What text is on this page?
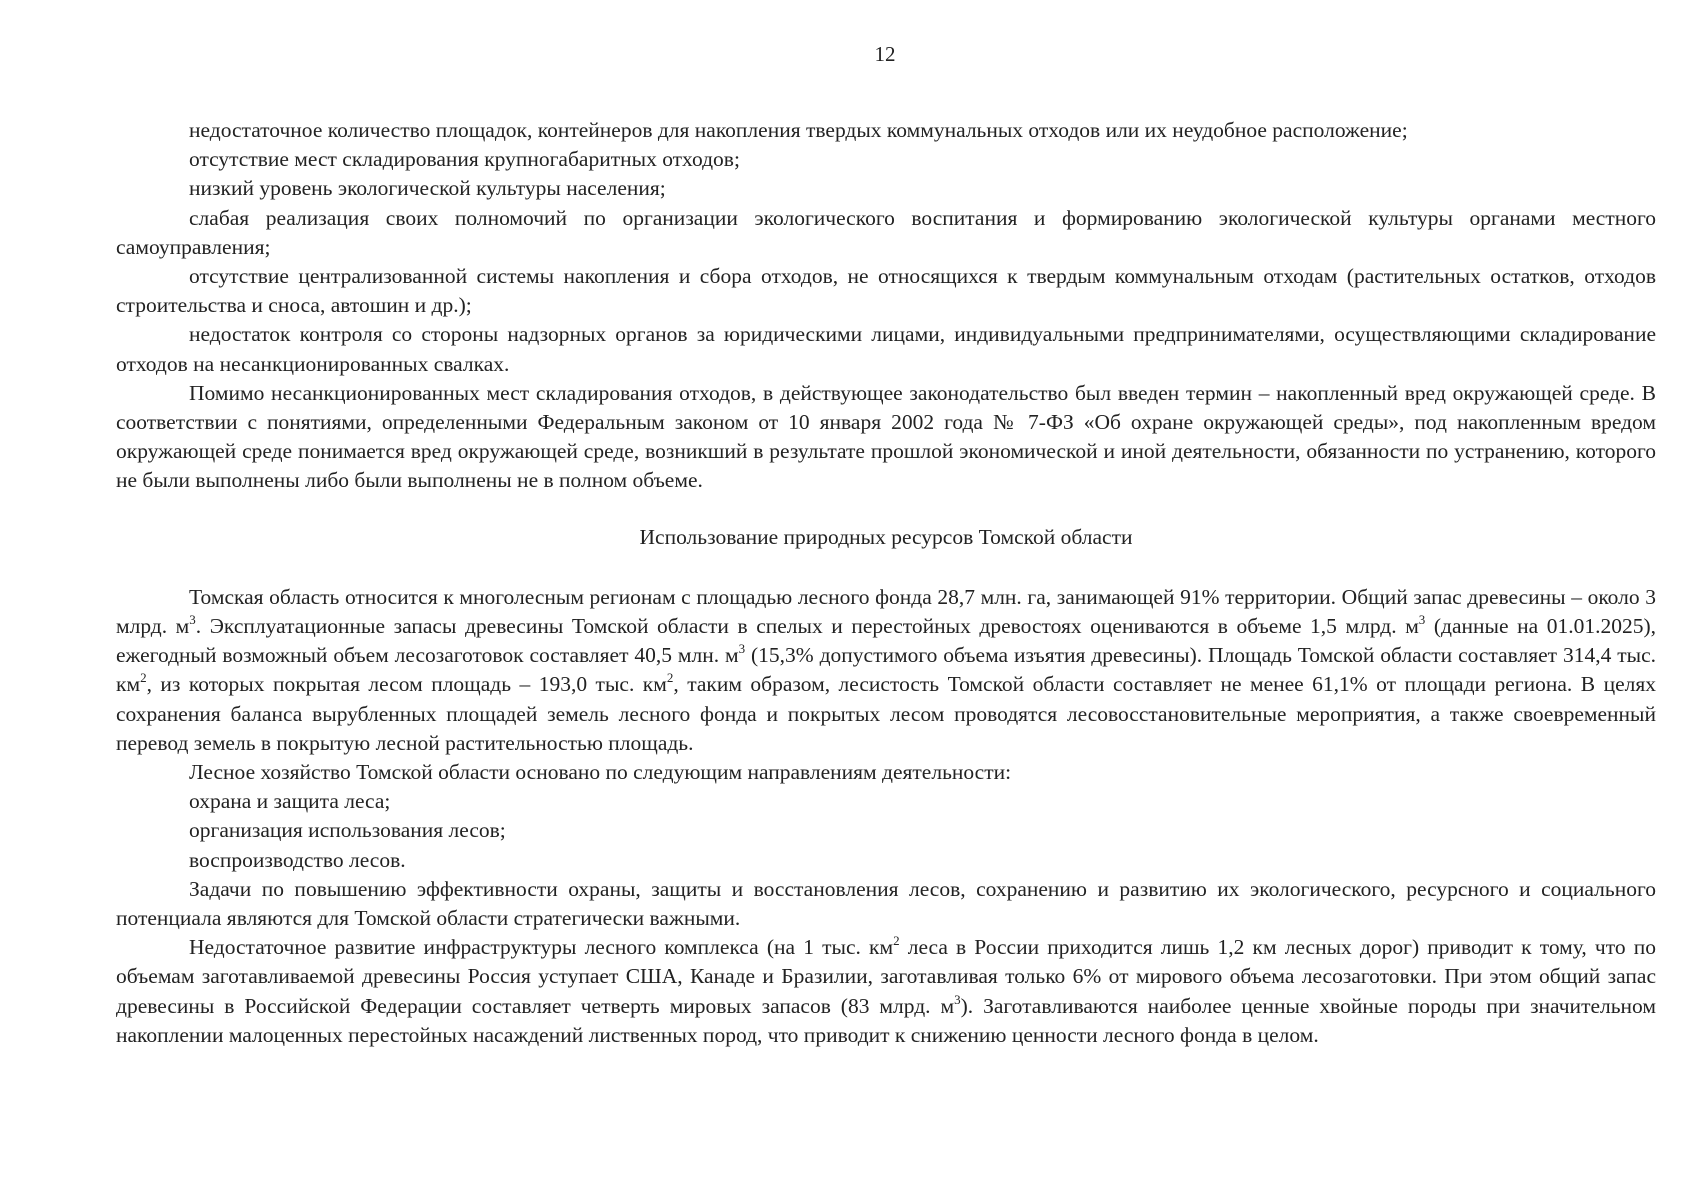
12

недостаточное количество площадок, контейнеров для накопления твердых коммунальных отходов или их неудобное расположение;

отсутствие мест складирования крупногабаритных отходов;

низкий уровень экологической культуры населения;

слабая реализация своих полномочий по организации экологического воспитания и формированию экологической культуры органами местного самоуправления;

отсутствие централизованной системы накопления и сбора отходов, не относящихся к твердым коммунальным отходам (растительных остатков, отходов строительства и сноса, автошин и др.);

недостаток контроля со стороны надзорных органов за юридическими лицами, индивидуальными предпринимателями, осуществляющими складирование отходов на несанкционированных свалках.

Помимо несанкционированных мест складирования отходов, в действующее законодательство был введен термин – накопленный вред окружающей среде. В соответствии с понятиями, определенными Федеральным законом от 10 января 2002 года № 7-ФЗ «Об охране окружающей среды», под накопленным вредом окружающей среде понимается вред окружающей среде, возникший в результате прошлой экономической и иной деятельности, обязанности по устранению, которого не были выполнены либо были выполнены не в полном объеме.

Использование природных ресурсов Томской области

Томская область относится к многолесным регионам с площадью лесного фонда 28,7 млн. га, занимающей 91% территории. Общий запас древесины – около 3 млрд. $м^3$. Эксплуатационные запасы древесины Томской области в спелых и перестойных древостоях оцениваются в объеме 1,5 млрд. $м^3$ (данные на 01.01.2025), ежегодный возможный объем лесозаготовок составляет 40,5 млн. $м^3$ (15,3% допустимого объема изъятия древесины). Площадь Томской области составляет 314,4 тыс. $км^2$, из которых покрытая лесом площадь – 193,0 тыс. $км^2$, таким образом, лесистость Томской области составляет не менее 61,1% от площади региона. В целях сохранения баланса вырубленных площадей земель лесного фонда и покрытых лесом проводятся лесовосстановительные мероприятия, а также своевременный перевод земель в покрытую лесной растительностью площадь.

Лесное хозяйство Томской области основано по следующим направлениям деятельности:

охрана и защита леса;

организация использования лесов;

воспроизводство лесов.

Задачи по повышению эффективности охраны, защиты и восстановления лесов, сохранению и развитию их экологического, ресурсного и социального потенциала являются для Томской области стратегически важными.

Недостаточное развитие инфраструктуры лесного комплекса (на 1 тыс. $км^2$ леса в России приходится лишь 1,2 км лесных дорог) приводит к тому, что по объемам заготавливаемой древесины Россия уступает США, Канаде и Бразилии, заготавливая только 6% от мирового объема лесозаготовки. При этом общий запас древесины в Российской Федерации составляет четверть мировых запасов (83 млрд. $м^3$). Заготавливаются наиболее ценные хвойные породы при значительном накоплении малоценных перестойных насаждений лиственных пород, что приводит к снижению ценности лесного фонда в целом.
